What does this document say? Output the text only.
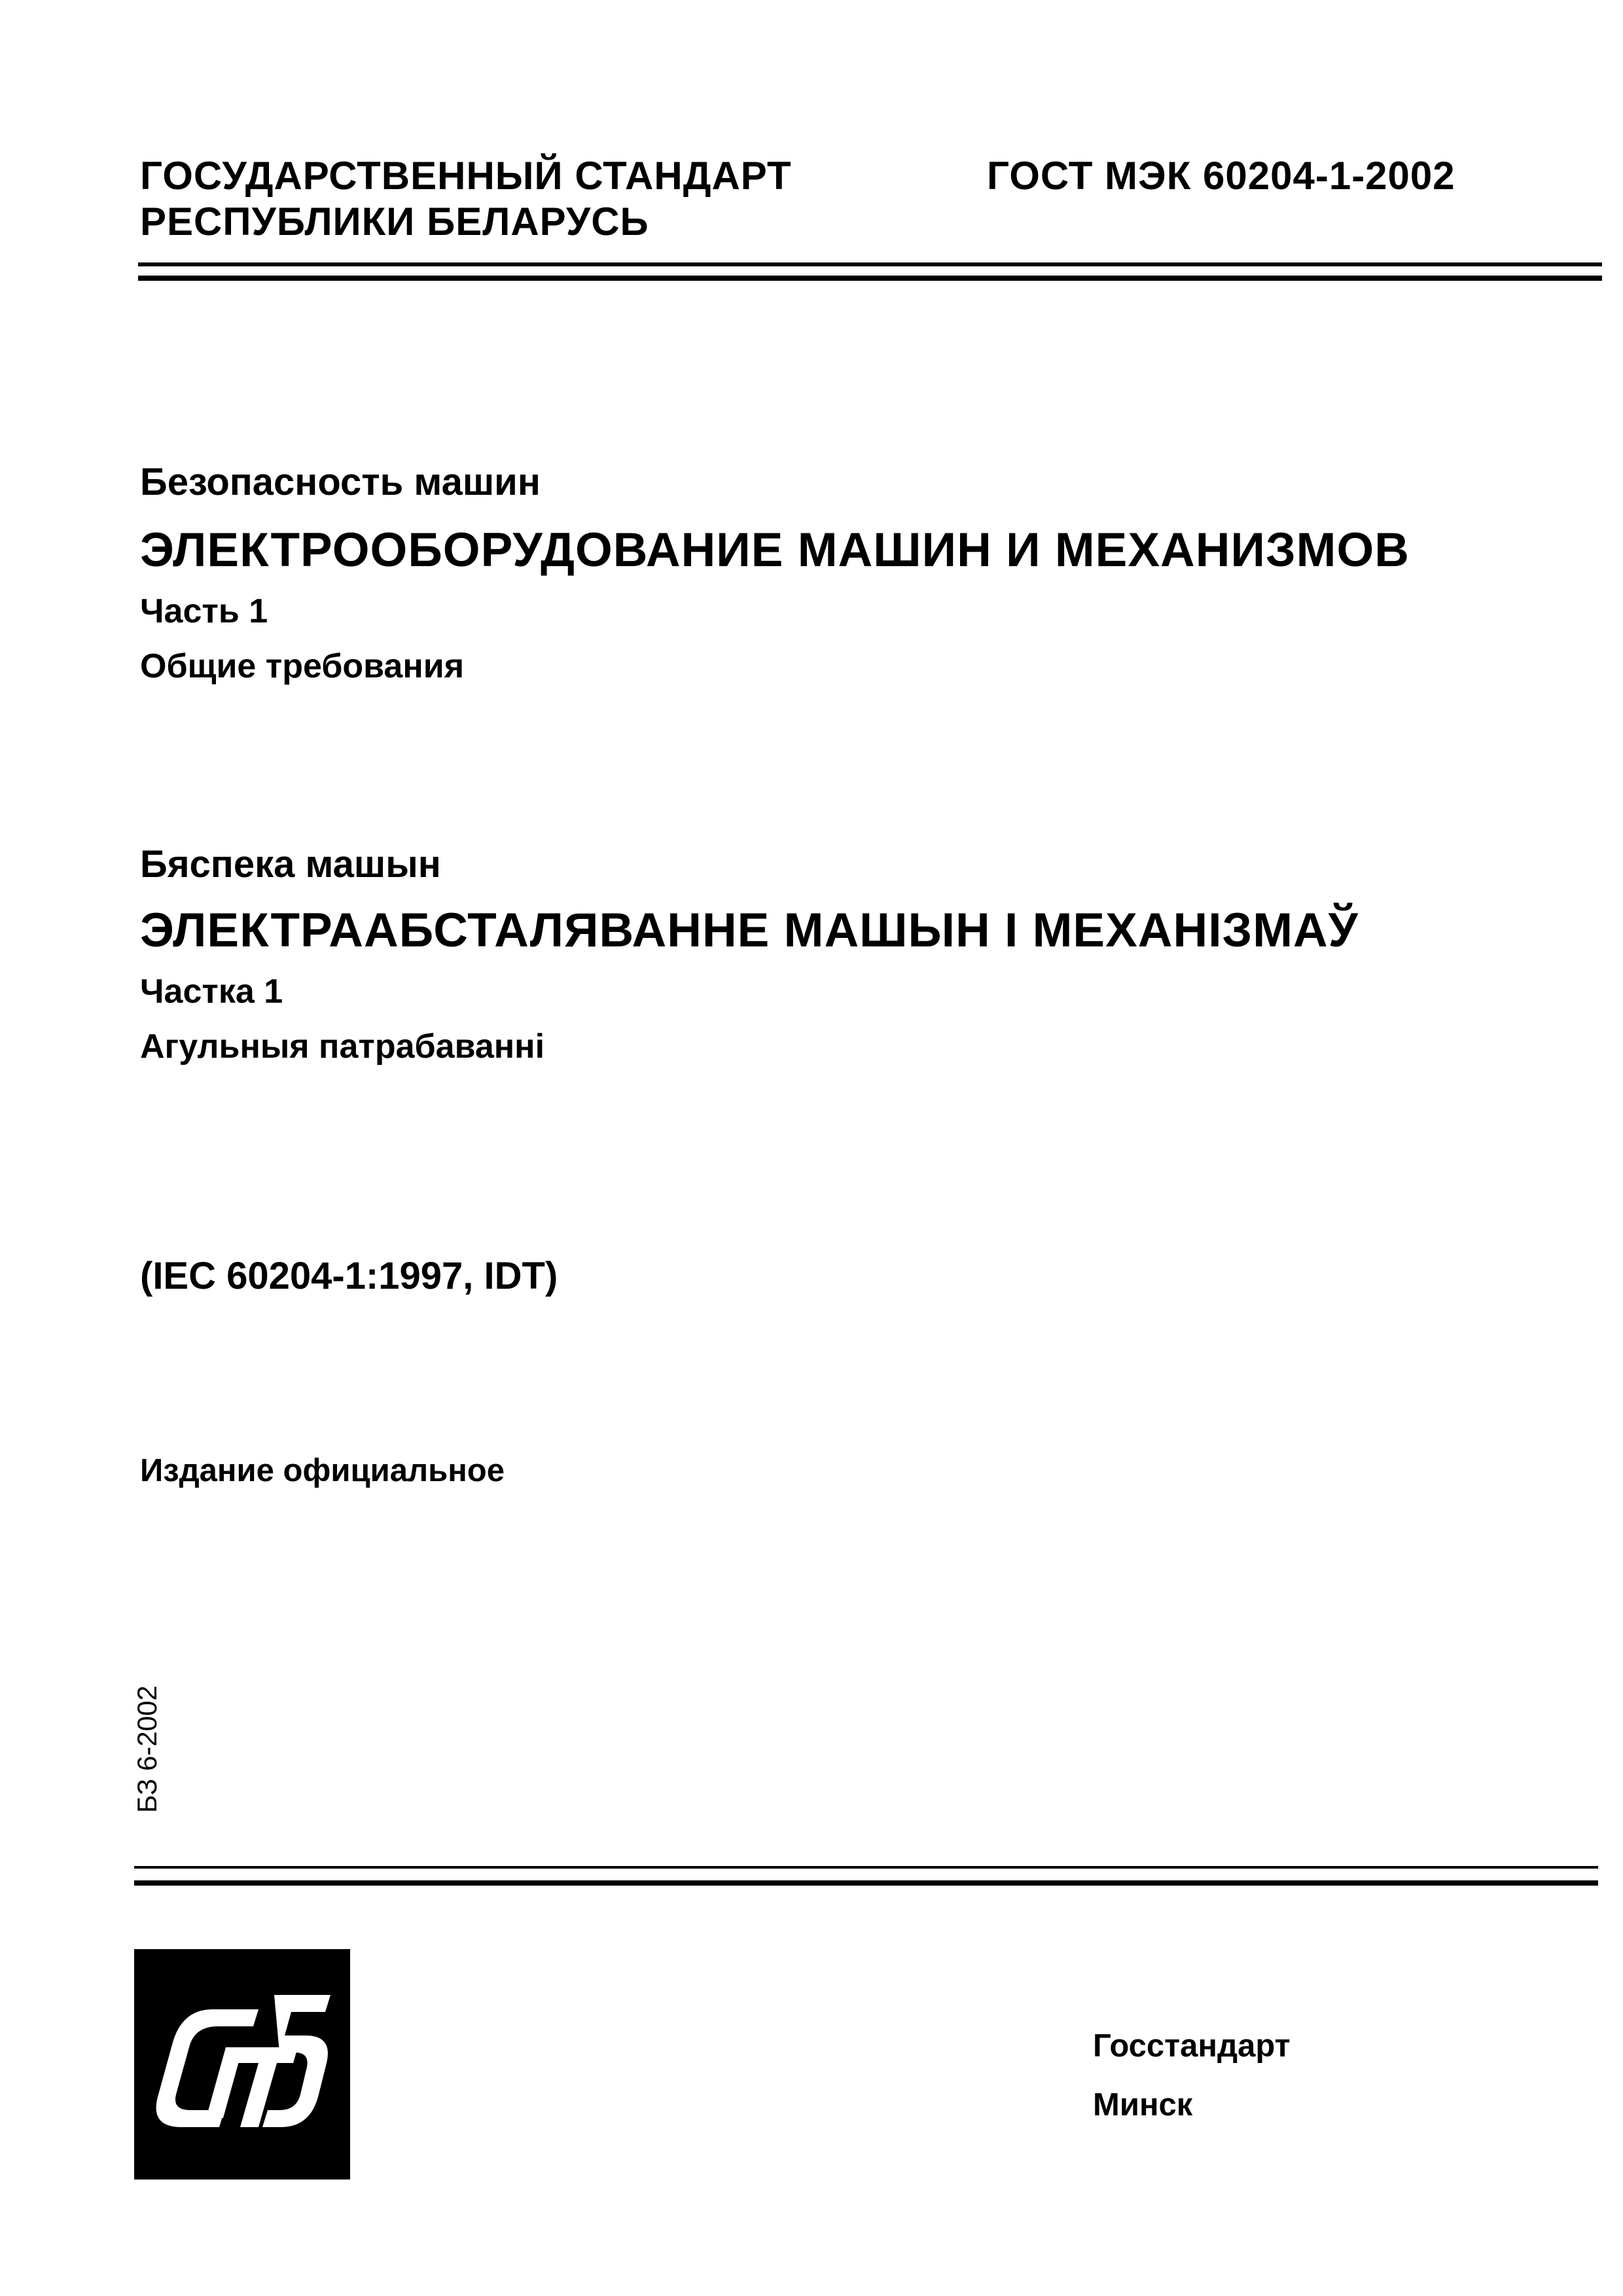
ГОСУДАРСТВЕННЫЙ СТАНДАРТ
РЕСПУБЛИКИ БЕЛАРУСЬ
ГОСТ МЭК 60204-1-2002
Безопасность машин
ЭЛЕКТРООБОРУДОВАНИЕ МАШИН И МЕХАНИЗМОВ
Часть 1
Общие требования
Бяспека машын
ЭЛЕКТРААБСТАЛЯВАННЕ МАШЫН І МЕХАНІЗМАЎ
Частка 1
Агульныя патрабаванні
(IEC 60204-1:1997, IDT)
Издание официальное
БЗ 6-2002
Госстандарт
Минск
